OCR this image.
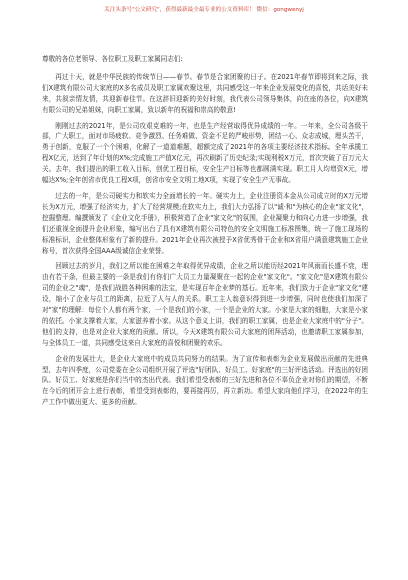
关注头条号"公文研究"，获得最新最全最专业的公文资料库！ 微信：gongwenyj

尊敬的各位老领导、各位职工及职工家属同志们:

再过十天，就是中华民族的传统节日——春节。春节是合家团聚的日子。在2021年春节即将到来之际，我们X建筑有限公司大家庭的X多名成员及职工家属欢聚这里，共同感受这一年来企业发展变化的喜悦，共话美好未来，共叙亲情友情，共迎新春佳节。在这辞旧迎新的美好时刻，我代表公司领导集体，向在座的各位，向X建筑有限公司的兄弟姐妹，向职工家属，致以新年的祝福和崇高的敬意!

刚刚过去的2021年，是公司攻艰克难的一年，也是生产经营取得优异成绩的一年。一年来，全公司各级干部，广大职工，面对市场疲软、竞争激烈、任务难做、资金不足的严峻形势，团结一心、众志成城，埋头苦干，勇于创新，克服了一个个困难，化解了一道道难题，超额完成了2021年的各项主要经济技术指标。全年承揽工程X亿元，达到了年计划的X%;完成施工产值X亿元，再次刷新了历史纪录;实现利税X万元，首次突破了百万元大关。去年，我们提出的职工收入目标，创优工程目标，安全生产目标等也都圆满实现。职工月人均增资X元，增幅达X%;全年创省市优良工程X项，创省市安全文明工地X项，实现了安全生产无事故。

过去的一年，是公司硬实力和软实力全面增长的一年。硬实力上，企业注册资本金从公司成立时的X万元增长为X万元，增强了经济实力，扩大了经营规模;在软实力上，我们大力弘扬了以"诚·和"为核心的企业"家文化"，挖掘整理、编撰颁发了《企业文化手册》，积极营造了企业"家文化"的氛围，企业凝聚力和向心力进一步增强，我们还重视全面提升企业形象，编写出台了具有X建筑有限公司特色的安全文明施工标准图集，统一了施工现场的标准标识，企业整体形象有了新的提升。2021年企业再次被授予X省优秀骨干企业和X省用户满意建筑施工企业称号，首次获得全国AAA级诚信企业荣誉。

回顾过去的岁月，我们之所以能在困难之年取得优异成绩，企业之所以能历经2021年风雨而长盛不衰，理由有若干条，但最主要的一条是我们有你们广大员工力量凝聚在一起的企业"家文化"。"家文化"是X建筑有限公司的企业之"魂"，是我们战胜各种困难的法宝，是实现百年企业梦的基石。近年来，我们致力于企业"家文化"建设，缩小了企业与员工的距离，拉近了人与人的关系。职工主人翁意识得到进一步增强，同时也使我们加深了对"家"的理解：每位个人都有两个家，一个是我们的小家，一个是企业的大家。小家是大家的细胞，大家是小家的依托。小家支撑着大家，大家滋养着小家。从这个意义上讲，我们的职工家属，也是企业大家庭中的"分子"。他们的支持，也是对企业大家庭的贡献。所以，今天X建筑有限公司大家庭的团拜活动，也邀请职工家属参加，与全体员工一道，共同感受这来自大家庭的喜悦和团聚的欢乐。

企业的发展壮大，是企业大家庭中的成员共同努力的结果。为了宣传和表彰为企业发展做出贡献的先进典型，去年四季度，公司党委在全公司组织开展了评选"好团队、好员工、好家庭"的三好评选活动。评选出的好团队、好员工、好家庭是你们当中的杰出代表。我们希望受表彰的三好先进和各位不辜负企业对你们的期望，不断在今后的团开会上进行表彰，希望受到表彰的，要再接再厉，再立新功。希望大家向他们学习，在2022年的生产工作中做出更大、更多的贡献。
